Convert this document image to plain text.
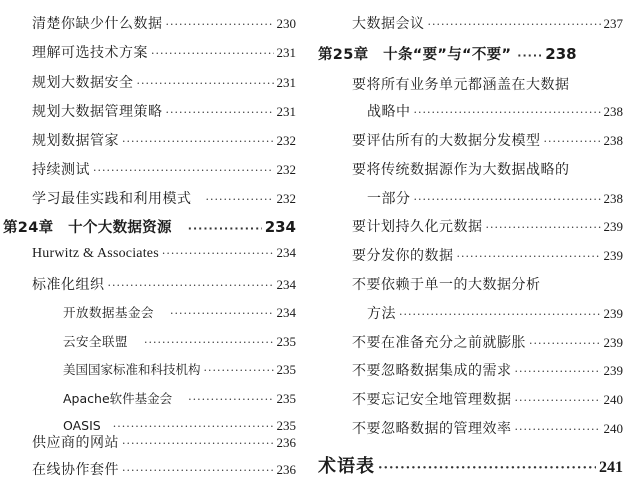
清楚你缺少什么数据 ·····	230
理解可选技术方案 ·····	231
规划大数据安全 ·····	231
规划大数据管理策略 ·····	231
规划数据管家 ·····	232
持续测试 ·····	232
学习最佳实践和利用模式 ·····	232
第24章　十个大数据资源 ·····	234
Hurwitz & Associates ·····	234
标准化组织 ·····	234
开放数据基金会 ·····	234
云安全联盟 ·····	235
美国国家标准和科技机构 ·····	235
Apache软件基金会 ·····	235
OASIS ·····	235
供应商的网站 ·····	236
在线协作套件 ·····	236
大数据会议 ·····	237
第25章　十条“要”与“不要” ····· 238
要将所有业务单元都涵盖在大数据
战略中 ·····	238
要评估所有的大数据分发模型 ·····	238
要将传统数据源作为大数据战略的
一部分 ·····	238
要计划持久化元数据 ·····	239
要分发你的数据 ·····	239
不要依赖于单一的大数据分析
方法 ·····	239
不要在准备充分之前就膨胀 ·····	239
不要忽略数据集成的需求 ·····	239
不要忘记安全地管理数据 ·····	240
不要忽略数据的管理效率 ·····	240
术语表 ·····	241
